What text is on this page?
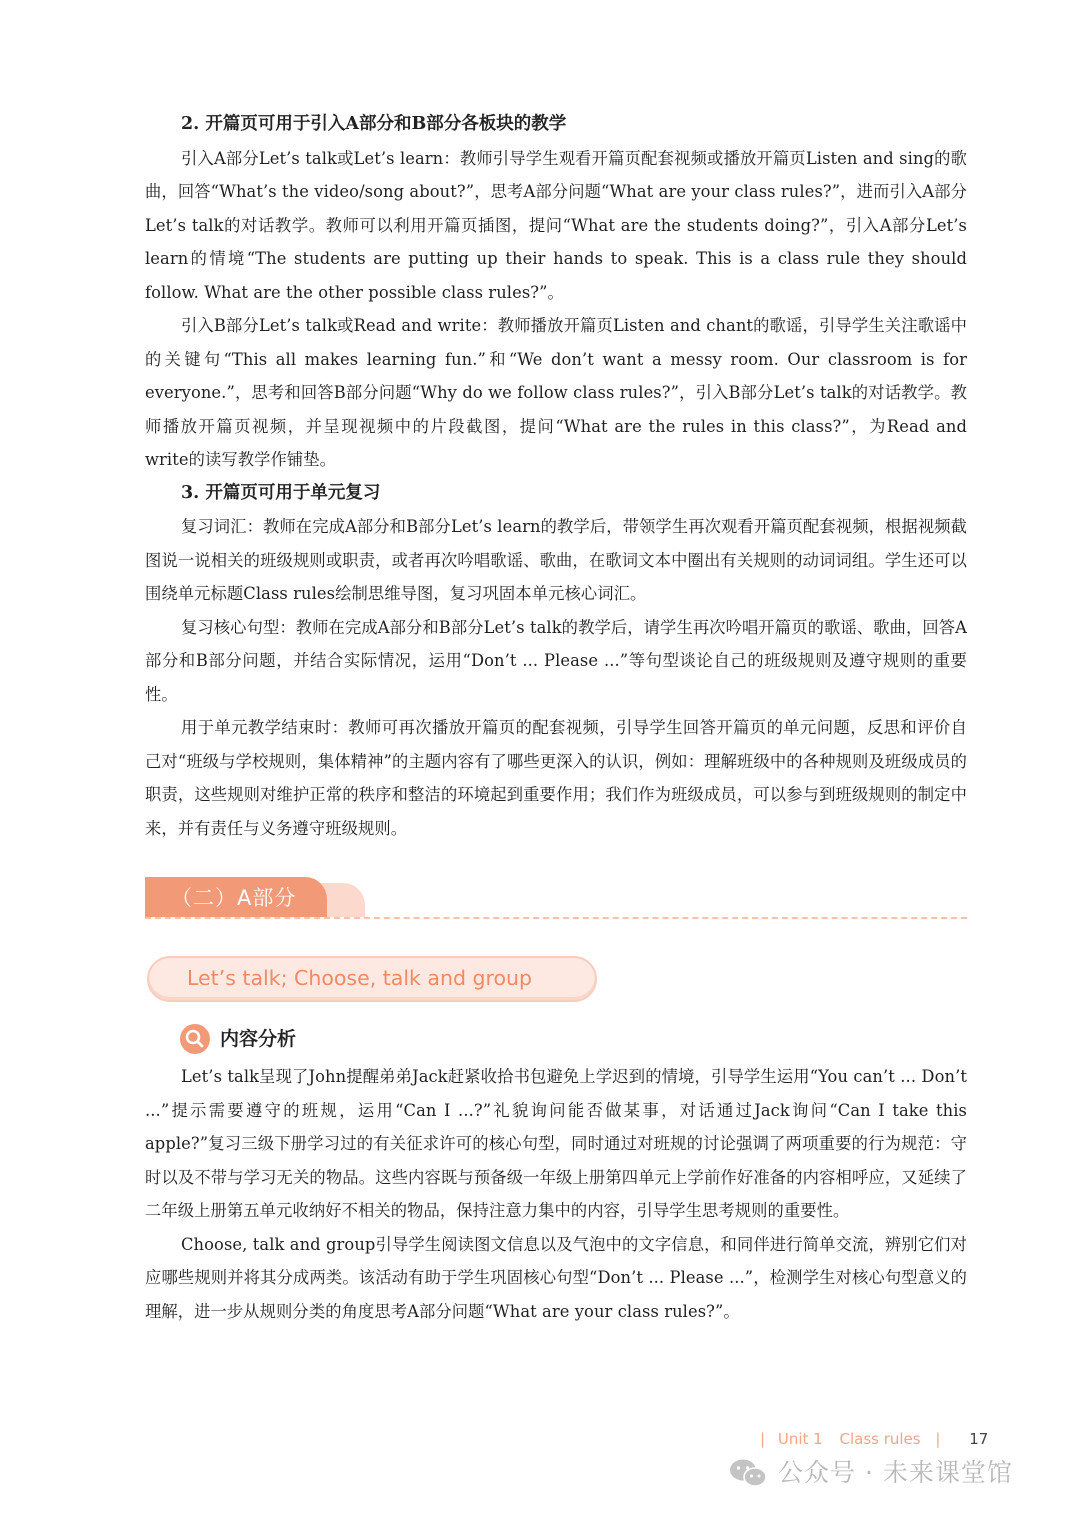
2. 开篇页可用于引入A部分和B部分各板块的教学

引入A部分Let’s talk或Let’s learn：教师引导学生观看开篇页配套视频或播放开篇页Listen and sing的歌曲，回答“What’s the video/song about?”，思考A部分问题“What are your class rules?”，进而引入A部分Let’s talk的对话教学。教师可以利用开篇页插图，提问“What are the students doing?”，引入A部分Let’s learn的情境“The students are putting up their hands to speak. This is a class rule they should follow. What are the other possible class rules?”。

引入B部分Let’s talk或Read and write：教师播放开篇页Listen and chant的歌谣，引导学生关注歌谣中的关键句“This all makes learning fun.”和“We don’t want a messy room. Our classroom is for everyone.”，思考和回答B部分问题“Why do we follow class rules?”，引入B部分Let’s talk的对话教学。教师播放开篇页视频，并呈现视频中的片段截图，提问“What are the rules in this class?”，为Read and write的读写教学作铺垫。

3. 开篇页可用于单元复习

复习词汇：教师在完成A部分和B部分Let’s learn的教学后，带领学生再次观看开篇页配套视频，根据视频截图说一说相关的班级规则或职责，或者再次吟唱歌谣、歌曲，在歌词文本中圈出有关规则的动词词组。学生还可以围绕单元标题Class rules绘制思维导图，复习巩固本单元核心词汇。

复习核心句型：教师在完成A部分和B部分Let’s talk的教学后，请学生再次吟唱开篇页的歌谣、歌曲，回答A部分和B部分问题，并结合实际情况，运用“Don’t ... Please ...”等句型谈论自己的班级规则及遵守规则的重要性。

用于单元教学结束时：教师可再次播放开篇页的配套视频，引导学生回答开篇页的单元问题，反思和评价自己对“班级与学校规则，集体精神”的主题内容有了哪些更深入的认识，例如：理解班级中的各种规则及班级成员的职责，这些规则对维护正常的秩序和整洁的环境起到重要作用；我们作为班级成员，可以参与到班级规则的制定中来，并有责任与义务遵守班级规则。

（二）A部分
Let’s talk; Choose, talk and group
内容分析

Let’s talk呈现了John提醒弟弟Jack赶紧收拾书包避免上学迟到的情境，引导学生运用“You can’t ... Don’t ...”提示需要遵守的班规，运用“Can I ...?”礼貌询问能否做某事，对话通过Jack询问“Can I take this apple?”复习三级下册学习过的有关征求许可的核心句型，同时通过对班规的讨论强调了两项重要的行为规范：守时以及不带与学习无关的物品。这些内容既与预备级一年级上册第四单元上学前作好准备的内容相呼应，又延续了二年级上册第五单元收纳好不相关的物品，保持注意力集中的内容，引导学生思考规则的重要性。

Choose, talk and group引导学生阅读图文信息以及气泡中的文字信息，和同伴进行简单交流，辨别它们对应哪些规则并将其分成两类。该活动有助于学生巩固核心句型“Don’t ... Please ...”，检测学生对核心句型意义的理解，进一步从规则分类的角度思考A部分问题“What are your class rules?”。

| Unit 1 Class rules | 17
公众号 · 未来课堂馆
